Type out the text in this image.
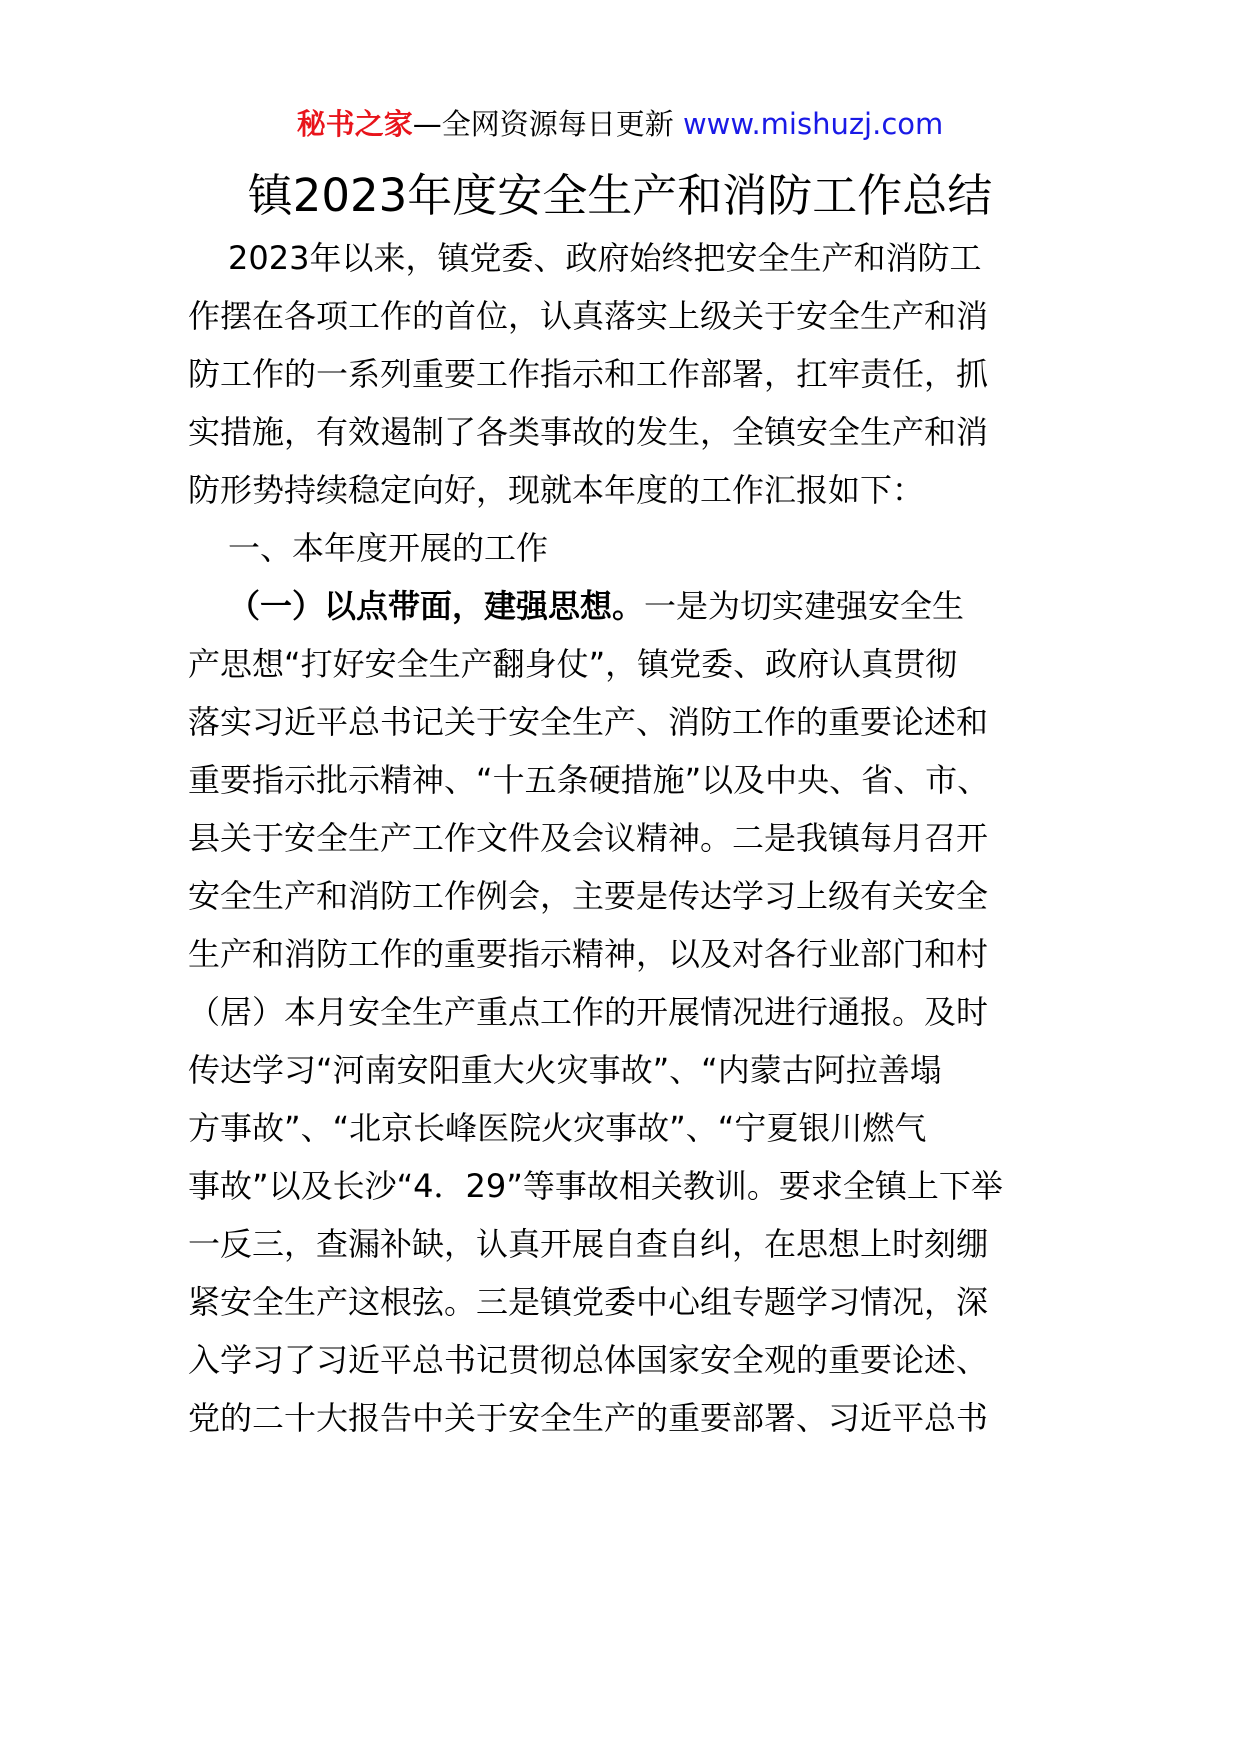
秘书之家—全网资源每日更新 www.mishuzj.com
镇2023年度安全生产和消防工作总结
2023年以来，镇党委、政府始终把安全生产和消防工
作摆在各项工作的首位，认真落实上级关于安全生产和消
防工作的一系列重要工作指示和工作部署，扛牢责任，抓
实措施，有效遏制了各类事故的发生，全镇安全生产和消
防形势持续稳定向好，现就本年度的工作汇报如下：
一、本年度开展的工作
（一）以点带面，建强思想。一是为切实建强安全生
产思想“打好安全生产翻身仗”，镇党委、政府认真贯彻
落实习近平总书记关于安全生产、消防工作的重要论述和
重要指示批示精神、“十五条硬措施”以及中央、省、市、
县关于安全生产工作文件及会议精神。二是我镇每月召开
安全生产和消防工作例会，主要是传达学习上级有关安全
生产和消防工作的重要指示精神，以及对各行业部门和村
（居）本月安全生产重点工作的开展情况进行通报。及时
传达学习“河南安阳重大火灾事故”、“内蒙古阿拉善塌
方事故”、“北京长峰医院火灾事故”、“宁夏银川燃气
事故”以及长沙“4．29”等事故相关教训。要求全镇上下举
一反三，查漏补缺，认真开展自查自纠，在思想上时刻绷
紧安全生产这根弦。三是镇党委中心组专题学习情况，深
入学习了习近平总书记贯彻总体国家安全观的重要论述、
党的二十大报告中关于安全生产的重要部署、习近平总书
